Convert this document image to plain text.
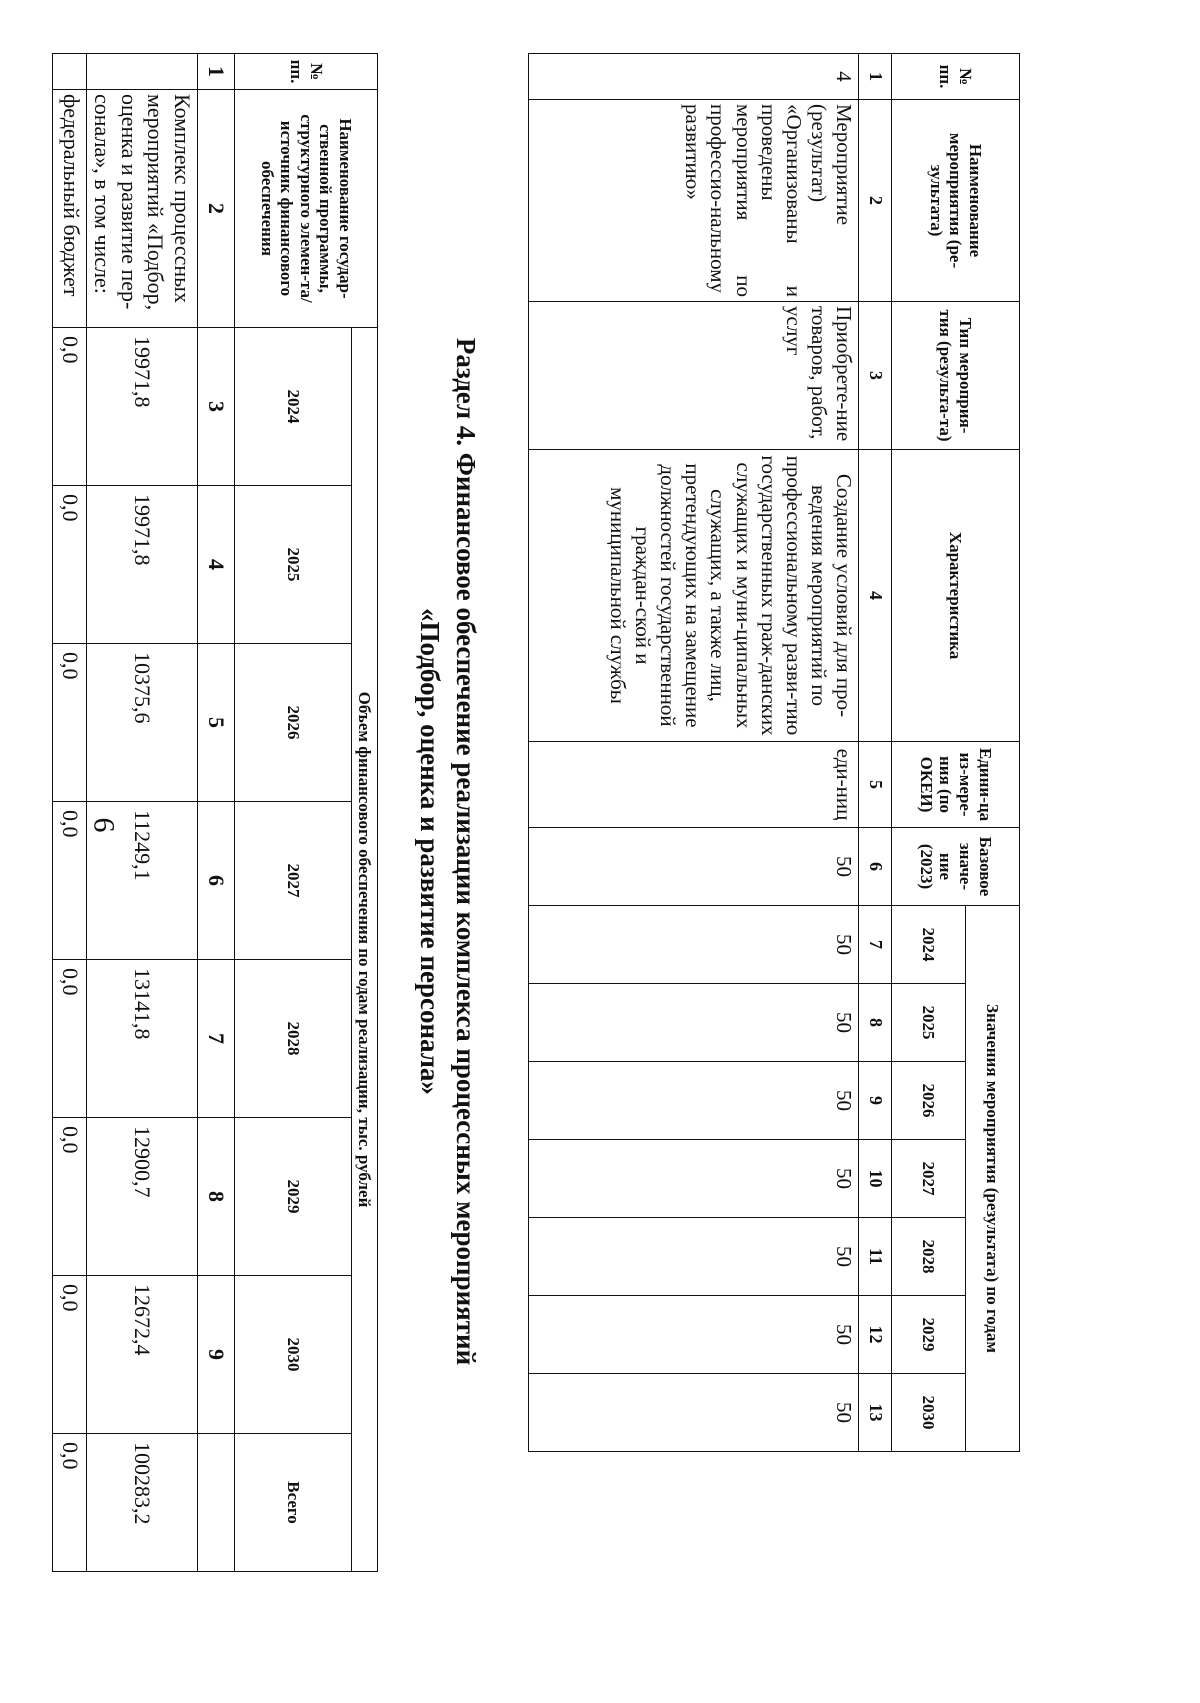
6
№ пп.	Наименование мероприятия (ре-зультата)	Тип мероприя-тия (результа-та)	Характеристика	Едини-ца из-мере-ния (по ОКЕИ)	Базовое значе-ние (2023)	Значения мероприятия (результата) по годам						
						2024	2025	2026	2027	2028	2029	2030
1	2	3	4	5	6	7	8	9	10	11	12	13
4	Мероприятие (результат) «Организованы и проведены мероприятия по профессио-нальному развитию»	Приобрете-ние товаров, работ, услуг	Создание условий для про-ведения мероприятий по профессиональному разви-тию государственных граж-данских служащих и муни-ципальных служащих, а также лиц, претендующих на замещение должностей государственной граждан-ской и муниципальной службы	еди-ниц	50	50	50	50	50	50	50	50
Раздел 4. Финансовое обеспечение реализации комплекса процессных мероприятий
«Подбор, оценка и развитие персонала»
№ пп.	Наименование государ-ственной программы, структурного элемен-та/источник финансового обеспечения	Объем финансового обеспечения по годам реализации, тыс. рублей							
		2024	2025	2026	2027	2028	2029	2030	Всего
1	2	3	4	5	6	7	8	9	
	Комплекс процессных мероприятий «Подбор, оценка и развитие пер-сонала», в том числе:	19971,8	19971,8	10375,6	11249,1	13141,8	12900,7	12672,4	100283,2
	федеральный бюджет	0,0	0,0	0,0	0,0	0,0	0,0	0,0	0,0
